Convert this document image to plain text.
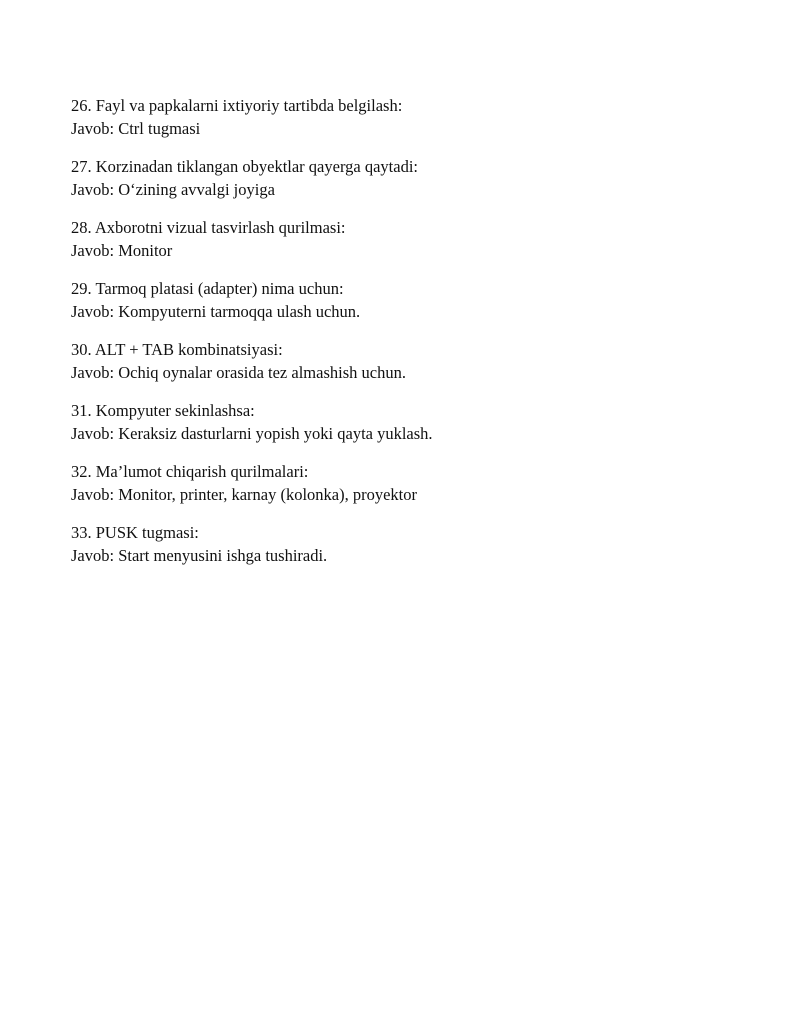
26. Fayl va papkalarni ixtiyoriy tartibda belgilash:
Javob: Ctrl tugmasi
27. Korzinadan tiklangan obyektlar qayerga qaytadi:
Javob: O‘zining avvalgi joyiga
28. Axborotni vizual tasvirlash qurilmasi:
Javob: Monitor
29. Tarmoq platasi (adapter) nima uchun:
Javob: Kompyuterni tarmoqqa ulash uchun.
30. ALT + TAB kombinatsiyasi:
Javob: Ochiq oynalar orasida tez almashish uchun.
31. Kompyuter sekinlashsa:
Javob: Keraksiz dasturlarni yopish yoki qayta yuklash.
32. Ma’lumot chiqarish qurilmalari:
Javob: Monitor, printer, karnay (kolonka), proyektor
33. PUSK tugmasi:
Javob: Start menyusini ishga tushiradi.
